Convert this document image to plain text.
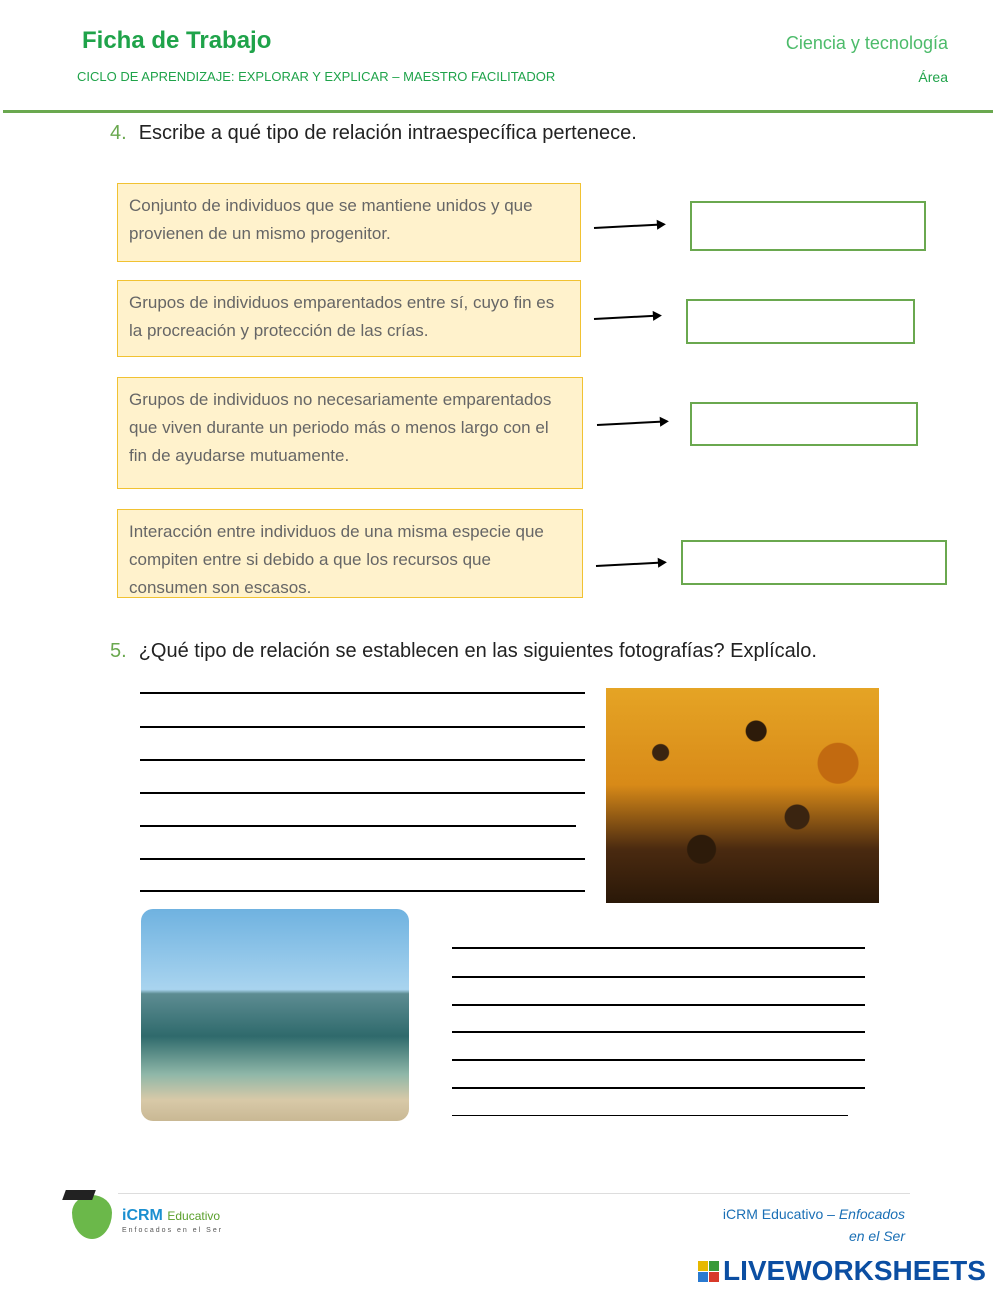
Ficha de Trabajo
CICLO DE APRENDIZAJE: EXPLORAR Y EXPLICAR – MAESTRO FACILITADOR
Ciencia y tecnología
Área
4. Escribe a qué tipo de relación intraespecífica pertenece.
Conjunto de individuos que se mantiene unidos y que provienen de un mismo progenitor.
Grupos de individuos emparentados entre sí, cuyo fin es la procreación y protección de las crías.
Grupos de individuos no necesariamente emparentados que viven durante un periodo más o menos largo con el fin de ayudarse mutuamente.
Interacción entre individuos de una misma especie que compiten entre si debido a que los recursos que consumen son escasos.
5. ¿Qué tipo de relación se establecen en las siguientes fotografías? Explícalo.
iCRM Educativo
Enfocados en el Ser
iCRM Educativo – Enfocados
en el Ser
LIVEWORKSHEETS
